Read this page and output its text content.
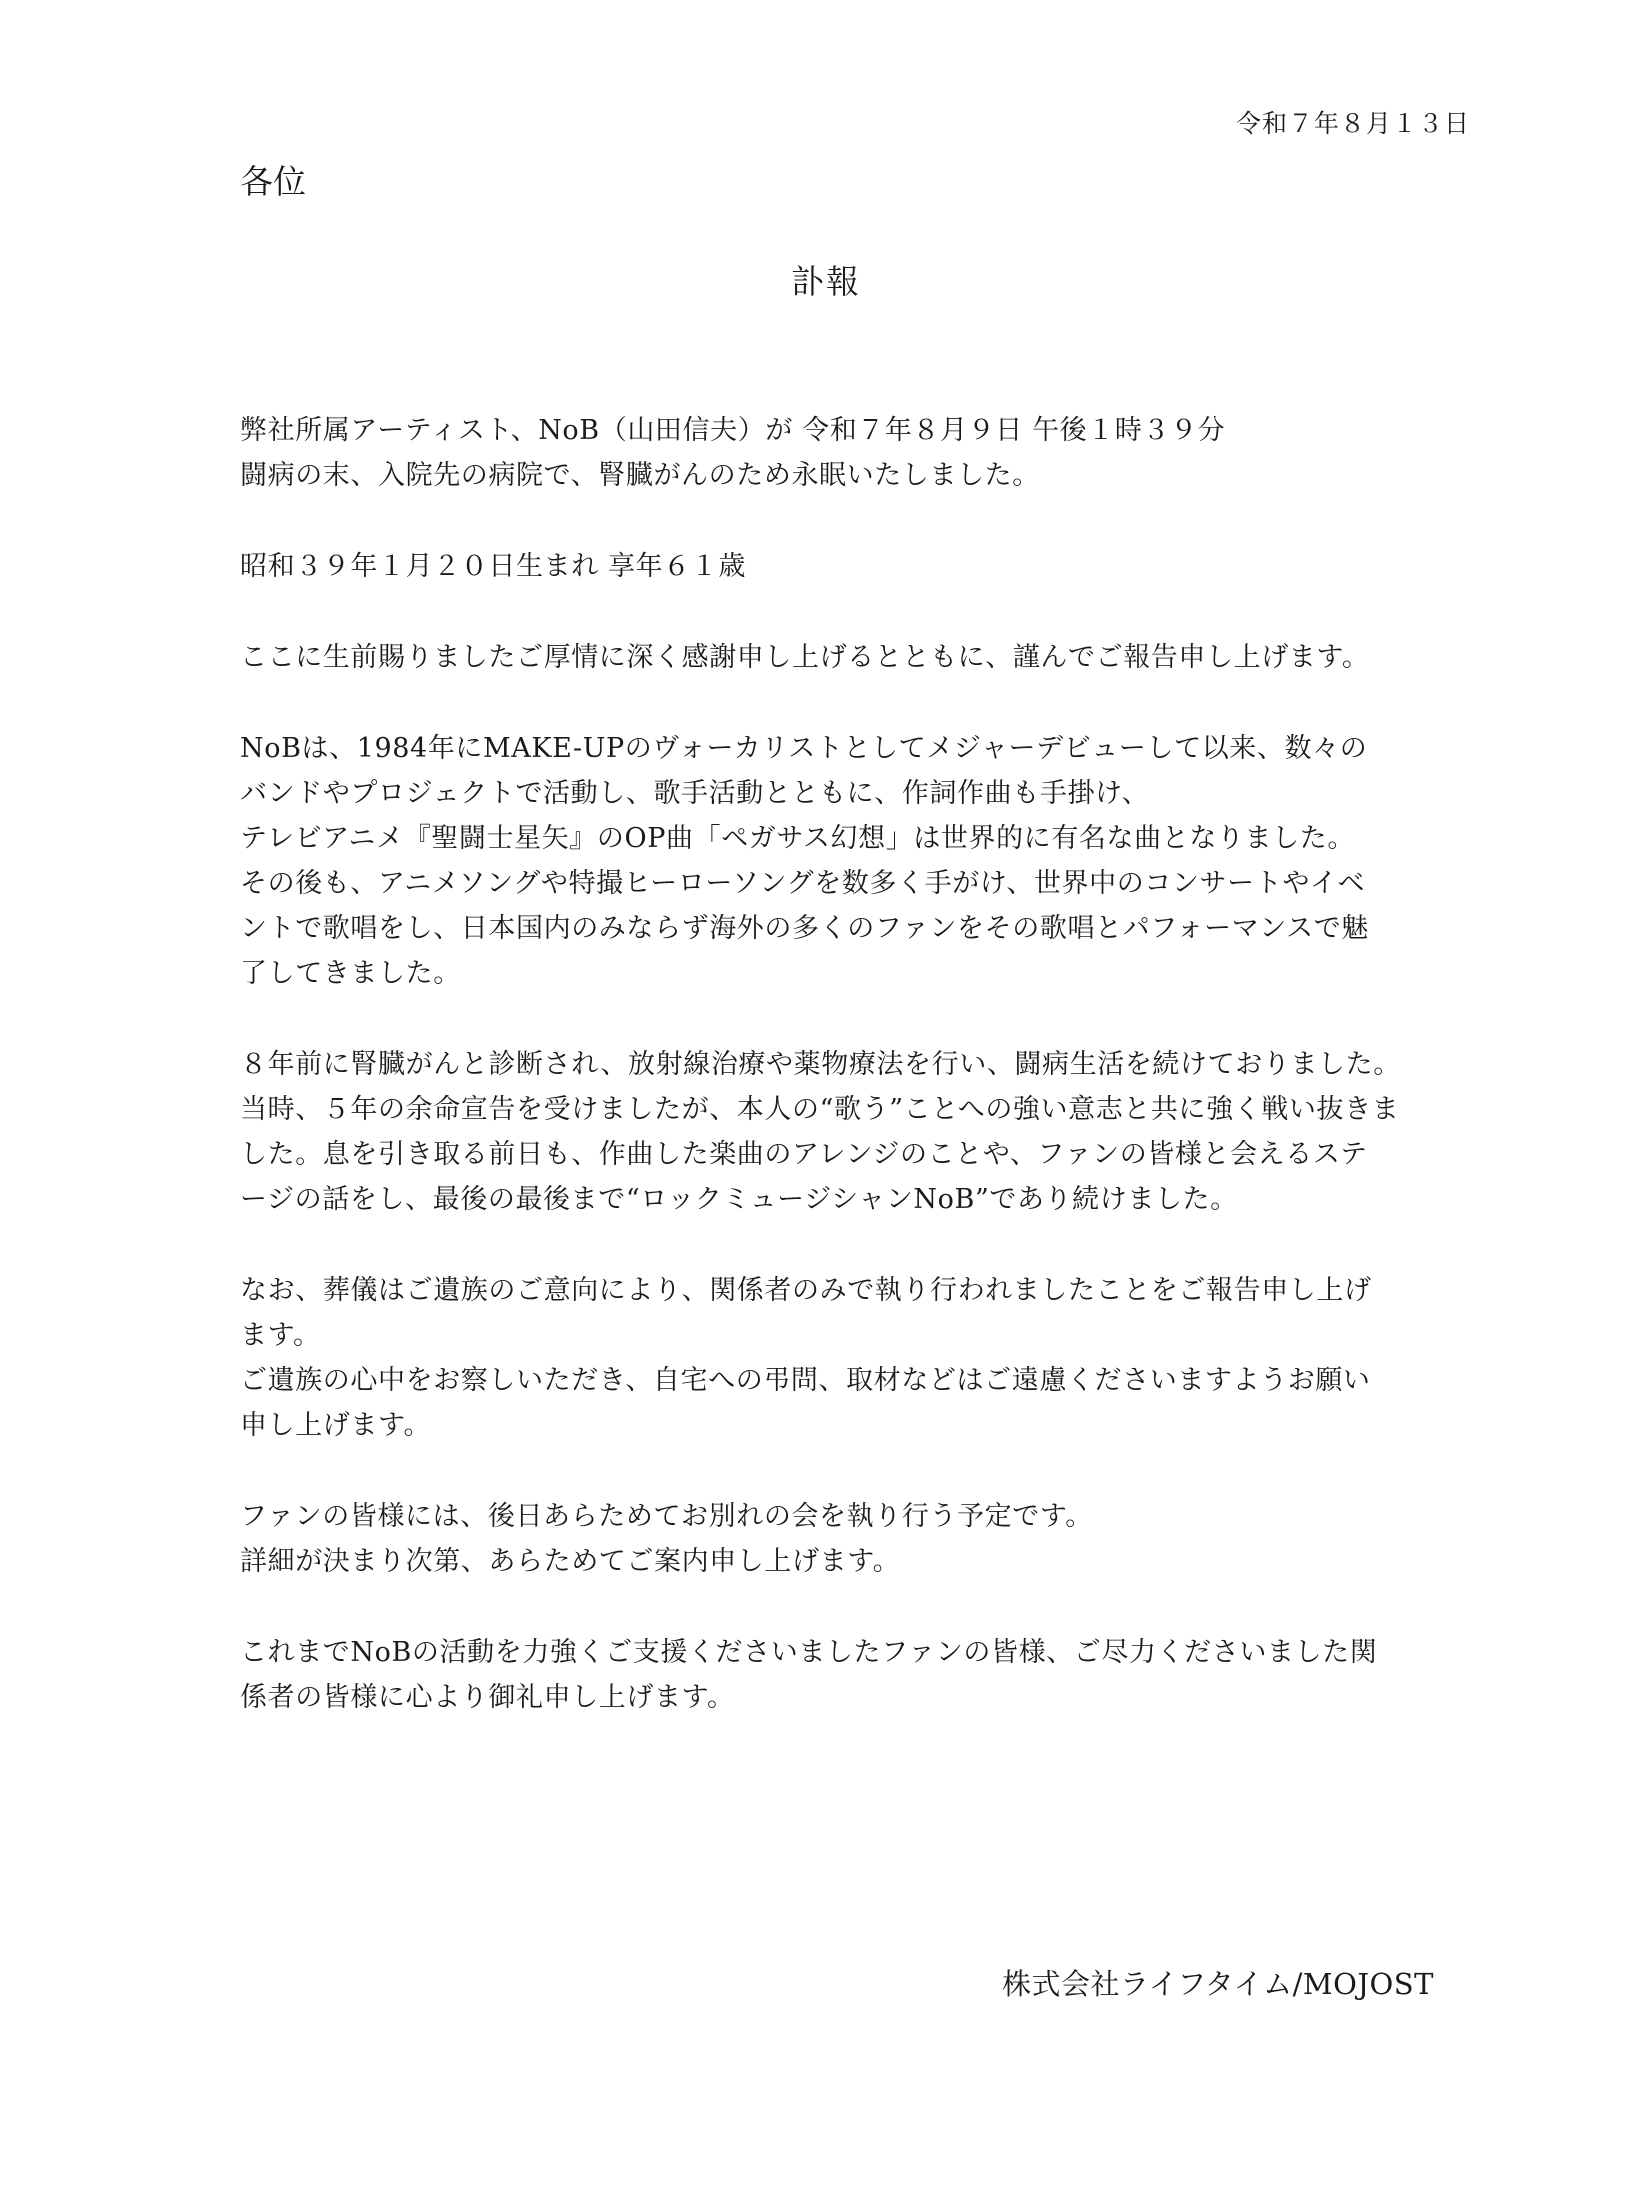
令和７年８月１３日
各位
訃報
弊社所属アーティスト、NoB（山田信夫）が 令和７年８月９日 午後１時３９分
闘病の末、入院先の病院で、腎臓がんのため永眠いたしました。
昭和３９年１月２０日生まれ 享年６１歳
ここに生前賜りましたご厚情に深く感謝申し上げるとともに、謹んでご報告申し上げます。
NoBは、1984年にMAKE-UPのヴォーカリストとしてメジャーデビューして以来、数々の
バンドやプロジェクトで活動し、歌手活動とともに、作詞作曲も手掛け、
テレビアニメ『聖闘士星矢』のOP曲「ペガサス幻想」は世界的に有名な曲となりました。
その後も、アニメソングや特撮ヒーローソングを数多く手がけ、世界中のコンサートやイベ
ントで歌唱をし、日本国内のみならず海外の多くのファンをその歌唱とパフォーマンスで魅
了してきました。
８年前に腎臓がんと診断され、放射線治療や薬物療法を行い、闘病生活を続けておりました。
当時、５年の余命宣告を受けましたが、本人の“歌う”ことへの強い意志と共に強く戦い抜きま
した。息を引き取る前日も、作曲した楽曲のアレンジのことや、ファンの皆様と会えるステ
ージの話をし、最後の最後まで“ロックミュージシャンNoB”であり続けました。
なお、葬儀はご遺族のご意向により、関係者のみで執り行われましたことをご報告申し上げ
ます。
ご遺族の心中をお察しいただき、自宅への弔問、取材などはご遠慮くださいますようお願い
申し上げます。
ファンの皆様には、後日あらためてお別れの会を執り行う予定です。
詳細が決まり次第、あらためてご案内申し上げます。
これまでNoBの活動を力強くご支援くださいましたファンの皆様、ご尽力くださいました関
係者の皆様に心より御礼申し上げます。
株式会社ライフタイム/MOJOST
